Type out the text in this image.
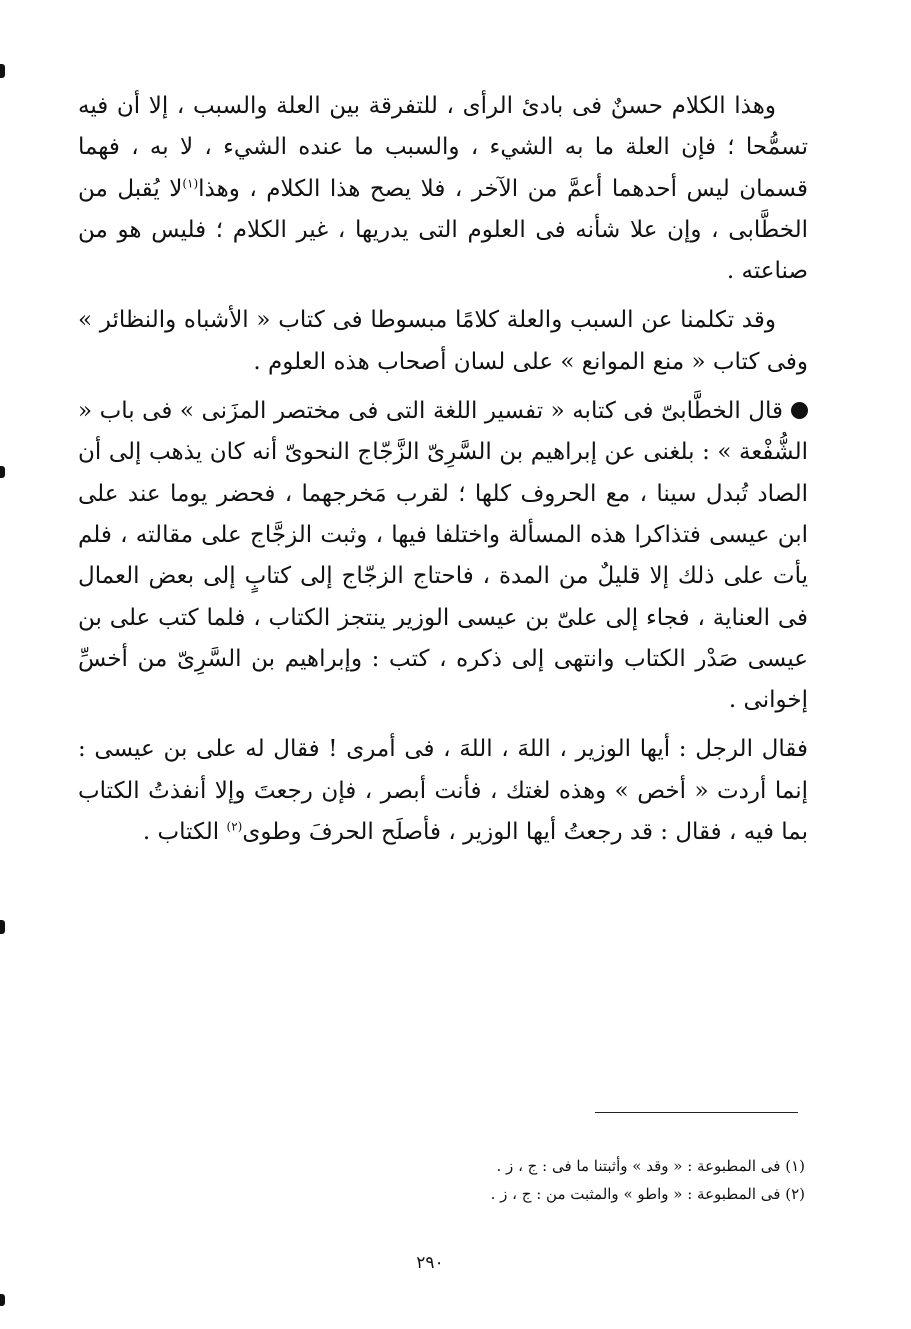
وهذا الكلام حسنٌ فى بادئ الرأى ، للتفرقة بين العلة والسبب ، إلا أن فيه تسمُّحا ؛ فإن العلة ما به الشيء ، والسبب ما عنده الشيء ، لا به ، فهما قسمان ليس أحدهما أعمَّ من الآخر ، فلا يصح هذا الكلام ، وهذا$^{(١)}$لا يُقبل من الخطَّابى ، وإن علا شأنه فى العلوم التى يدريها ، غير الكلام ؛ فليس هو من صناعته .

وقد تكلمنا عن السبب والعلة كلامًا مبسوطا فى كتاب « الأشباه والنظائر » وفى كتاب « منع الموانع » على لسان أصحاب هذه العلوم .

قال الخطَّابىّ فى كتابه « تفسير اللغة التى فى مختصر المزَنى » فى باب « الشُّفْعة » : بلغنى عن إبراهيم بن السَّرِىّ الزَّجّاج النحوىّ أنه كان يذهب إلى أن الصاد تُبدل سينا ، مع الحروف كلها ؛ لقرب مَخرجهما ، فحضر يوما عند على ابن عيسى فتذاكرا هذه المسألة واختلفا فيها ، وثبت الزجَّاج على مقالته ، فلم يأت على ذلك إلا قليلٌ من المدة ، فاحتاج الزجّاج إلى كتابٍ إلى بعض العمال فى العناية ، فجاء إلى علىّ بن عيسى الوزير ينتجز الكتاب ، فلما كتب على بن عيسى صَدْر الكتاب وانتهى إلى ذكره ، كتب : وإبراهيم بن السَّرِىّ من أخسِّ إخوانى .

فقال الرجل : أيها الوزير ، اللهَ ، اللهَ ، فى أمرى ! فقال له على بن عيسى : إنما أردت « أخص » وهذه لغتك ، فأنت أبصر ، فإن رجعتَ وإلا أنفذتُ الكتاب بما فيه ، فقال : قد رجعتُ أيها الوزير ، فأصلَح الحرفَ وطوى$^{(٢)}$ الكتاب .

(١) فى المطبوعة : « وقد » وأثبتنا ما فى : ج ، ز .

(٢) فى المطبوعة : « واطو » والمثبت من : ج ، ز .

٢٩٠
